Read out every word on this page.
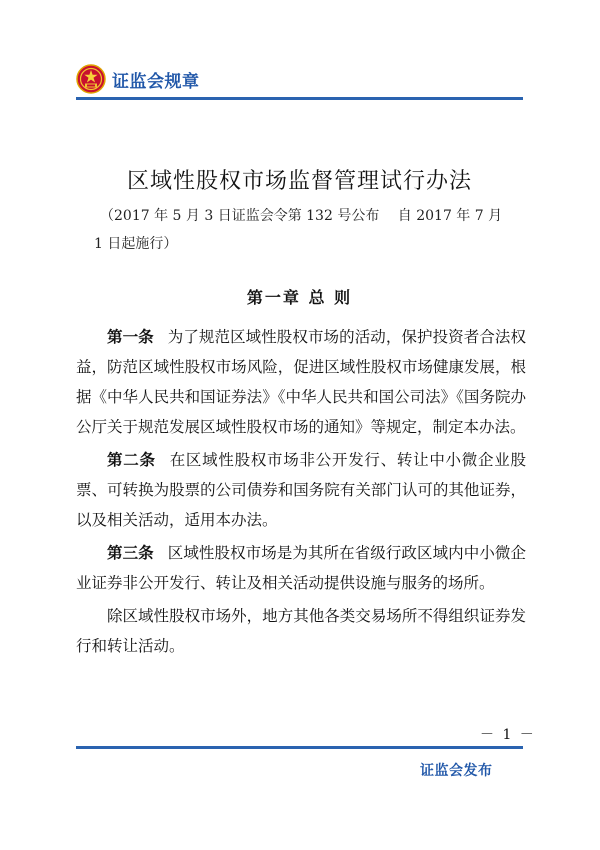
证监会规章
区域性股权市场监督管理试行办法
（2017 年 5 月 3 日证监会令第 132 号公布　 自 2017 年 7 月
1 日起施行）
第一章 总 则

第一条 为了规范区域性股权市场的活动，保护投资者合法权益，防范区域性股权市场风险，促进区域性股权市场健康发展，根据《中华人民共和国证券法》《中华人民共和国公司法》《国务院办公厅关于规范发展区域性股权市场的通知》等规定，制定本办法。

第二条 在区域性股权市场非公开发行、转让中小微企业股票、可转换为股票的公司债券和国务院有关部门认可的其他证券，以及相关活动，适用本办法。

第三条 区域性股权市场是为其所在省级行政区域内中小微企业证券非公开发行、转让及相关活动提供设施与服务的场所。

除区域性股权市场外，地方其他各类交易场所不得组织证券发行和转让活动。

－ 1 －
证监会发布
